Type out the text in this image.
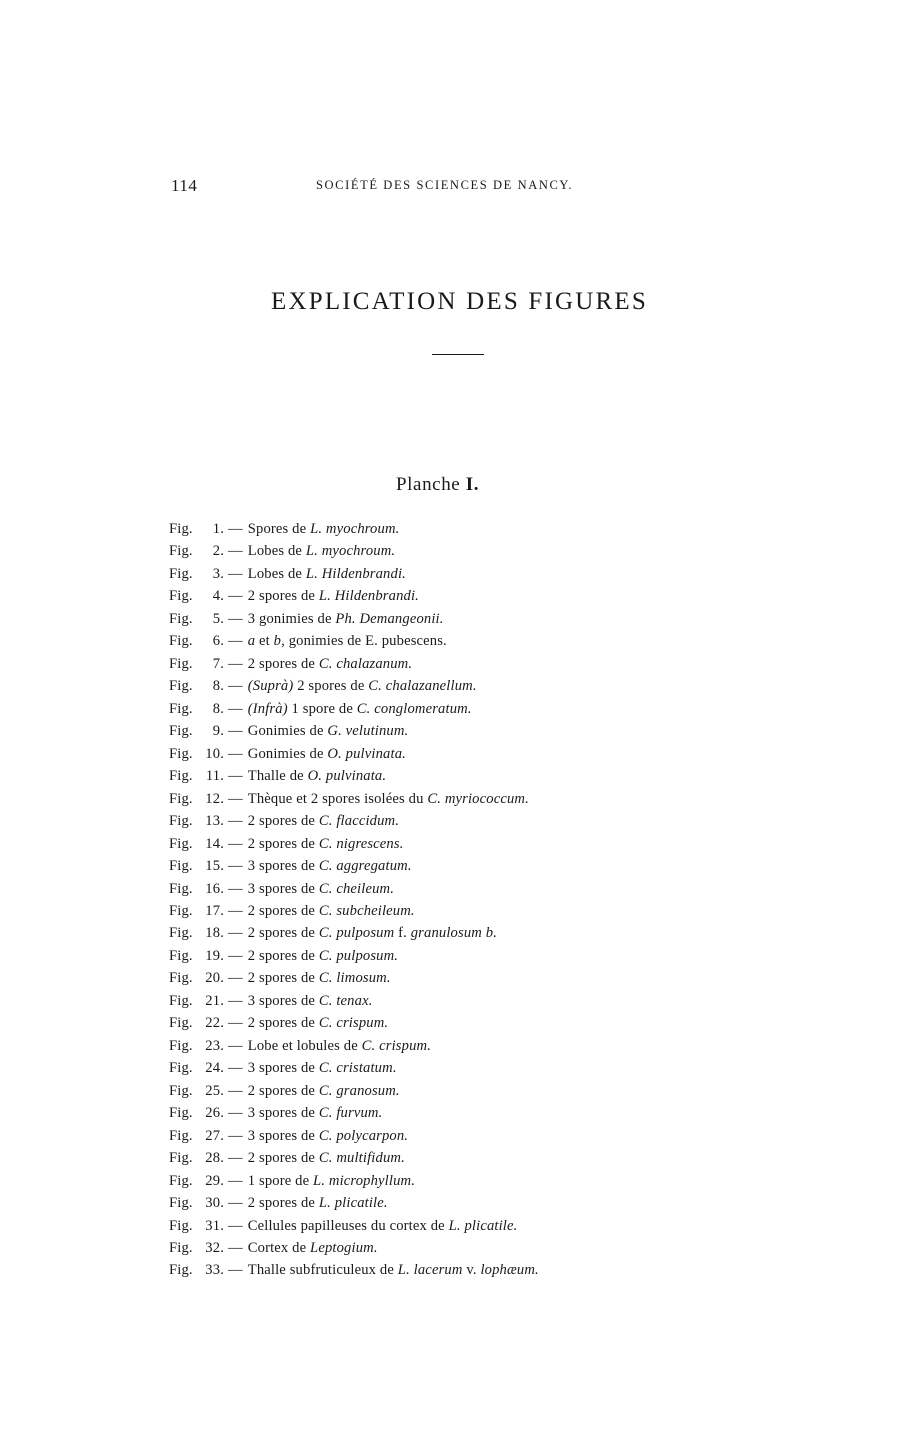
114	SOCIÉTÉ DES SCIENCES DE NANCY.
EXPLICATION DES FIGURES
Planche I.
Fig. 1. — Spores de L. myochroum.
Fig. 2. — Lobes de L. myochroum.
Fig. 3. — Lobes de L. Hildenbrandi.
Fig. 4. — 2 spores de L. Hildenbrandi.
Fig. 5. — 3 gonimies de Ph. Demangeonii.
Fig. 6. — a et b, gonimies de E. pubescens.
Fig. 7. — 2 spores de C. chalazanum.
Fig. 8. — (Suprà) 2 spores de C. chalazanellum.
Fig. 8. — (Infrà) 1 spore de C. conglomeratum.
Fig. 9. — Gonimies de G. velutinum.
Fig. 10. — Gonimies de O. pulvinata.
Fig. 11. — Thalle de O. pulvinata.
Fig. 12. — Thèque et 2 spores isolées du C. myriococcum.
Fig. 13. — 2 spores de C. flaccidum.
Fig. 14. — 2 spores de C. nigrescens.
Fig. 15. — 3 spores de C. aggregatum.
Fig. 16. — 3 spores de C. cheileum.
Fig. 17. — 2 spores de C. subcheileum.
Fig. 18. — 2 spores de C. pulposum f. granulosum b.
Fig. 19. — 2 spores de C. pulposum.
Fig. 20. — 2 spores de C. limosum.
Fig. 21. — 3 spores de C. tenax.
Fig. 22. — 2 spores de C. crispum.
Fig. 23. — Lobe et lobules de C. crispum.
Fig. 24. — 3 spores de C. cristatum.
Fig. 25. — 2 spores de C. granosum.
Fig. 26. — 3 spores de C. furvum.
Fig. 27. — 3 spores de C. polycarpon.
Fig. 28. — 2 spores de C. multifidum.
Fig. 29. — 1 spore de L. microphyllum.
Fig. 30. — 2 spores de L. plicatile.
Fig. 31. — Cellules papilleuses du cortex de L. plicatile.
Fig. 32. — Cortex de Leptogium.
Fig. 33. — Thalle subfruticuleux de L. lacerum v. lophæum.
